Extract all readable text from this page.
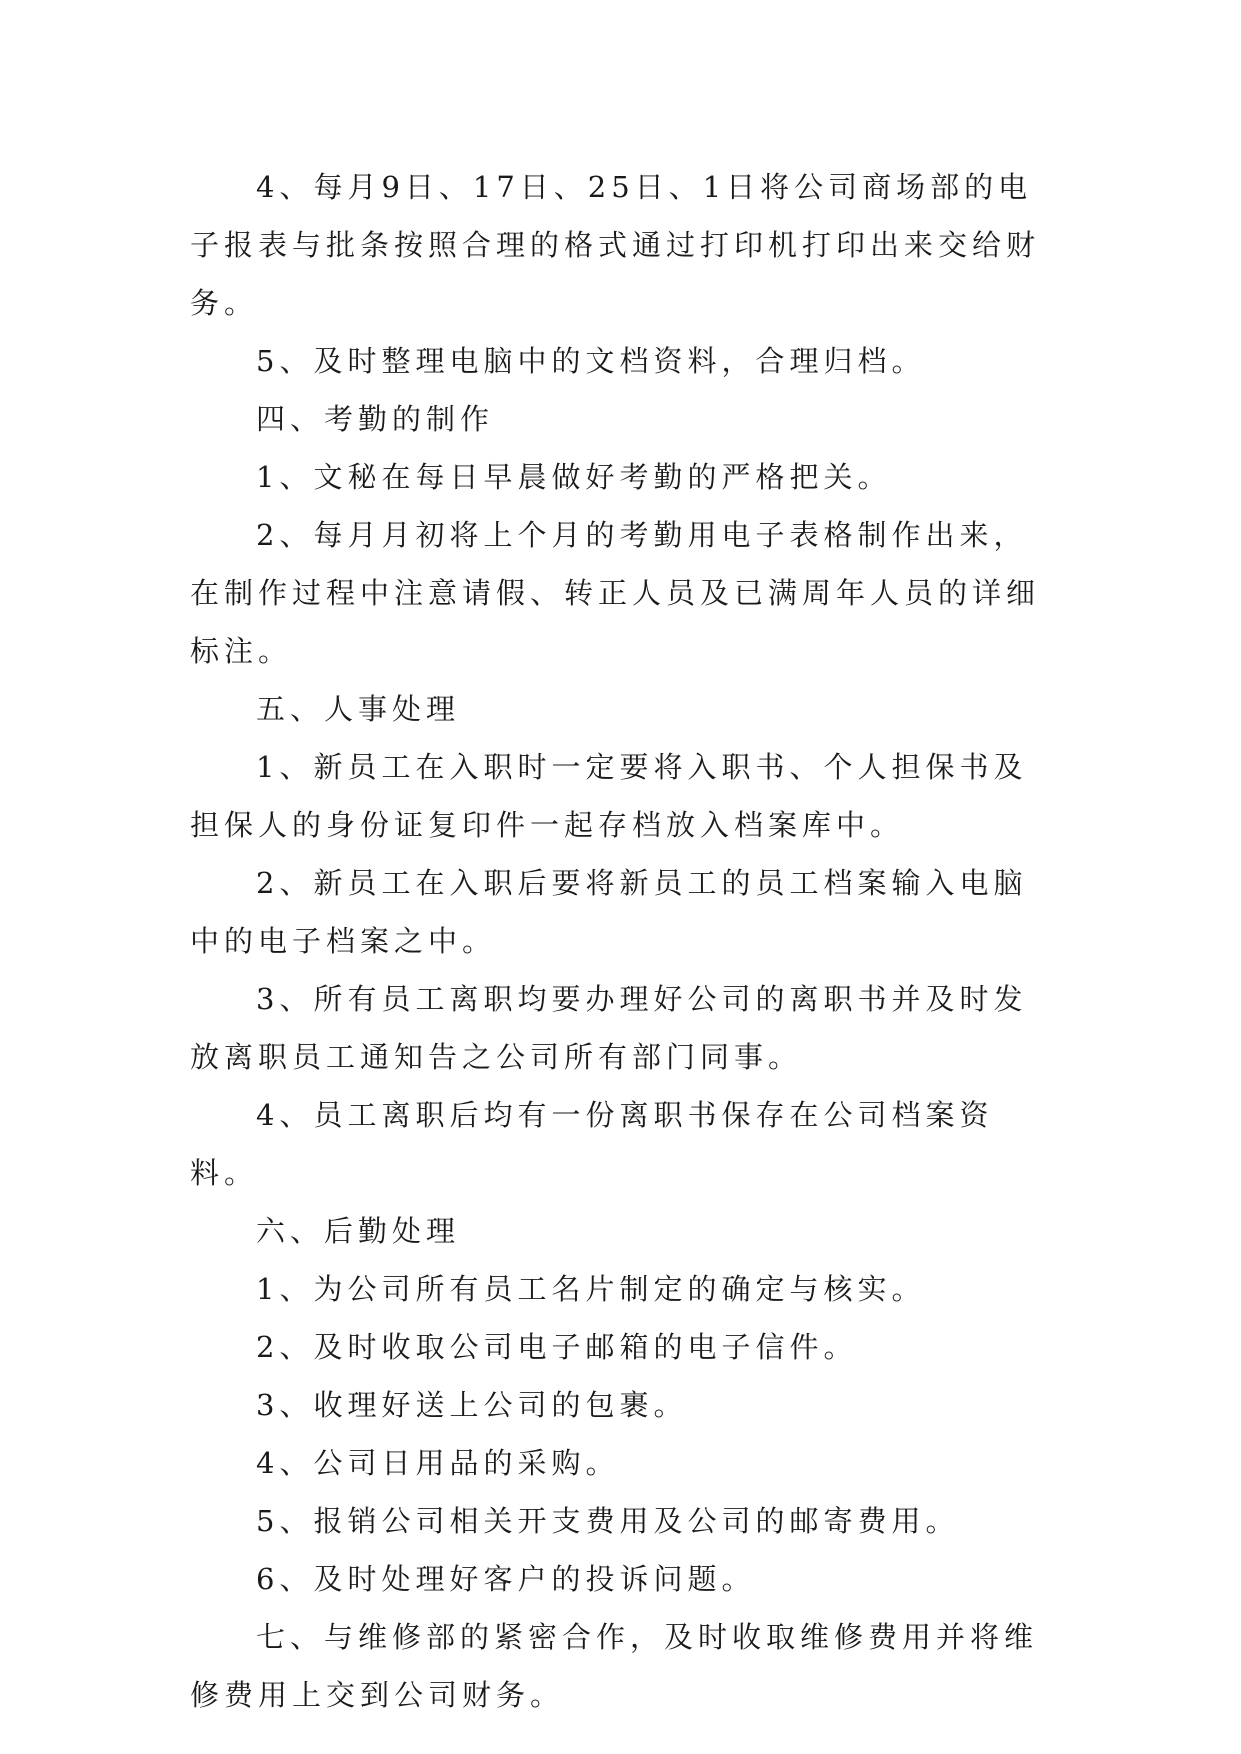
4、每月9日、17日、25日、1日将公司商场部的电子报表与批条按照合理的格式通过打印机打印出来交给财务。

5、及时整理电脑中的文档资料，合理归档。

四、考勤的制作

1、文秘在每日早晨做好考勤的严格把关。

2、每月月初将上个月的考勤用电子表格制作出来，在制作过程中注意请假、转正人员及已满周年人员的详细标注。

五、人事处理

1、新员工在入职时一定要将入职书、个人担保书及担保人的身份证复印件一起存档放入档案库中。

2、新员工在入职后要将新员工的员工档案输入电脑中的电子档案之中。

3、所有员工离职均要办理好公司的离职书并及时发放离职员工通知告之公司所有部门同事。

4、员工离职后均有一份离职书保存在公司档案资料。

六、后勤处理

1、为公司所有员工名片制定的确定与核实。

2、及时收取公司电子邮箱的电子信件。

3、收理好送上公司的包裹。

4、公司日用品的采购。

5、报销公司相关开支费用及公司的邮寄费用。

6、及时处理好客户的投诉问题。

七、与维修部的紧密合作，及时收取维修费用并将维修费用上交到公司财务。
